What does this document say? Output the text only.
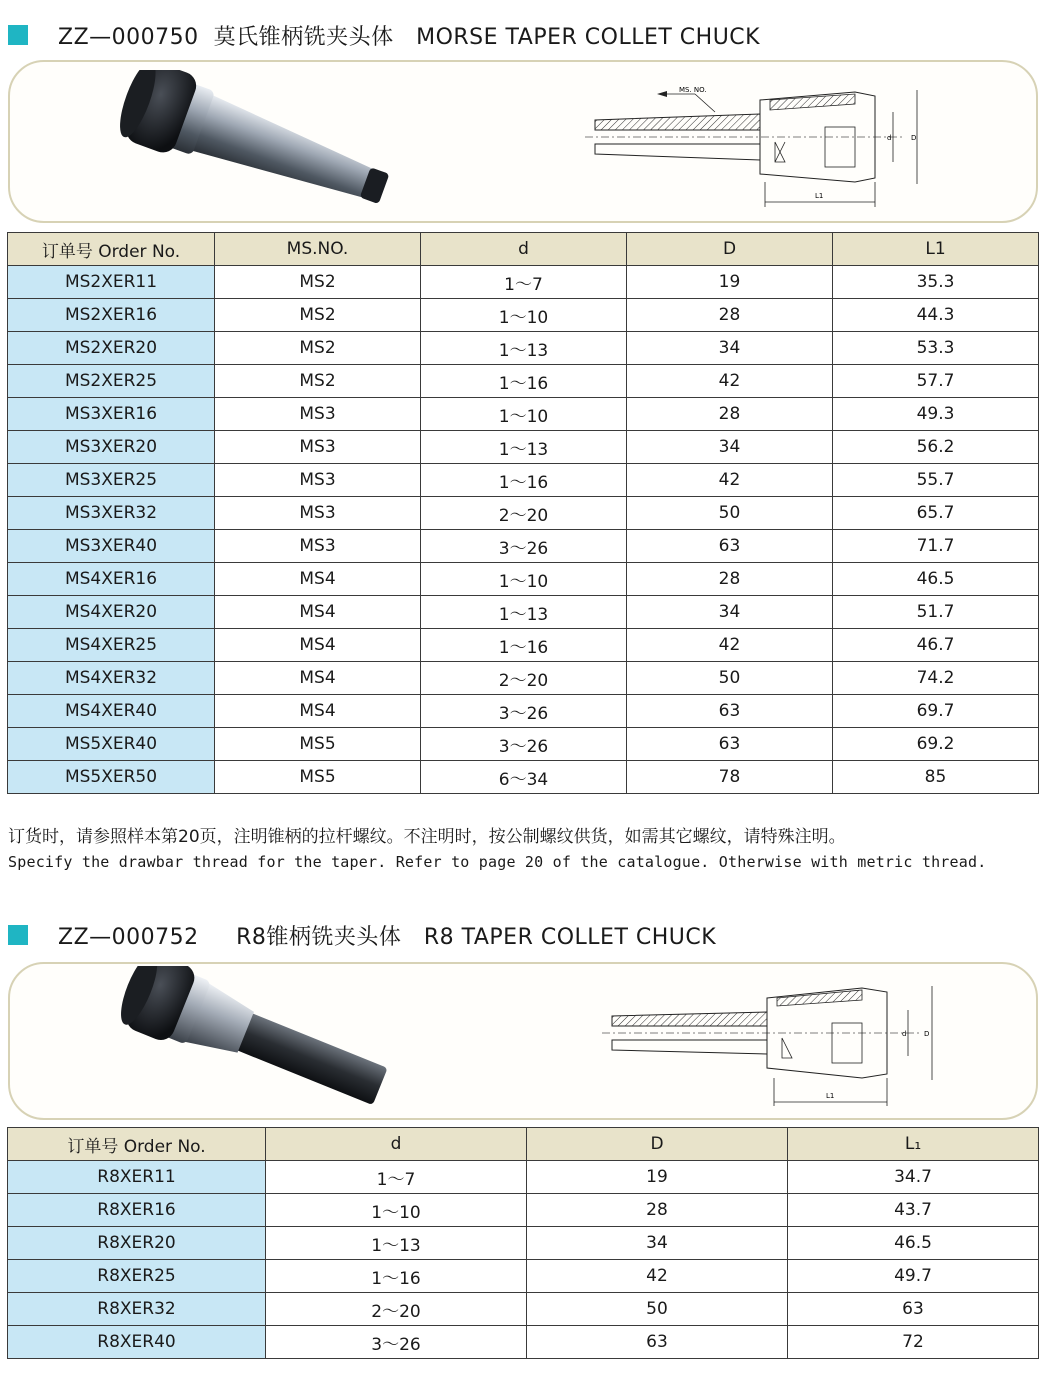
ZZ—000750  莫氏锥柄铣夹头体   MORSE TAPER COLLET CHUCK
MS. NO.
L1
D
d
订单号 Order No.	MS.NO.	d	D	L1
MS2XER11	MS2	1～7	19	35.3
MS2XER16	MS2	1～10	28	44.3
MS2XER20	MS2	1～13	34	53.3
MS2XER25	MS2	1～16	42	57.7
MS3XER16	MS3	1～10	28	49.3
MS3XER20	MS3	1～13	34	56.2
MS3XER25	MS3	1～16	42	55.7
MS3XER32	MS3	2～20	50	65.7
MS3XER40	MS3	3～26	63	71.7
MS4XER16	MS4	1～10	28	46.5
MS4XER20	MS4	1～13	34	51.7
MS4XER25	MS4	1～16	42	46.7
MS4XER32	MS4	2～20	50	74.2
MS4XER40	MS4	3～26	63	69.7
MS5XER40	MS5	3～26	63	69.2
MS5XER50	MS5	6～34	78	85
订货时，请参照样本第20页，注明锥柄的拉杆螺纹。不注明时，按公制螺纹供货，如需其它螺纹，请特殊注明。
Specify the drawbar thread for the taper. Refer to page 20 of the catalogue. Otherwise with metric thread.
ZZ—000752     R8锥柄铣夹头体   R8 TAPER COLLET CHUCK
L1
D
d
订单号 Order No.	d	D	L₁
R8XER11	1～7	19	34.7
R8XER16	1～10	28	43.7
R8XER20	1～13	34	46.5
R8XER25	1～16	42	49.7
R8XER32	2～20	50	63
R8XER40	3～26	63	72
